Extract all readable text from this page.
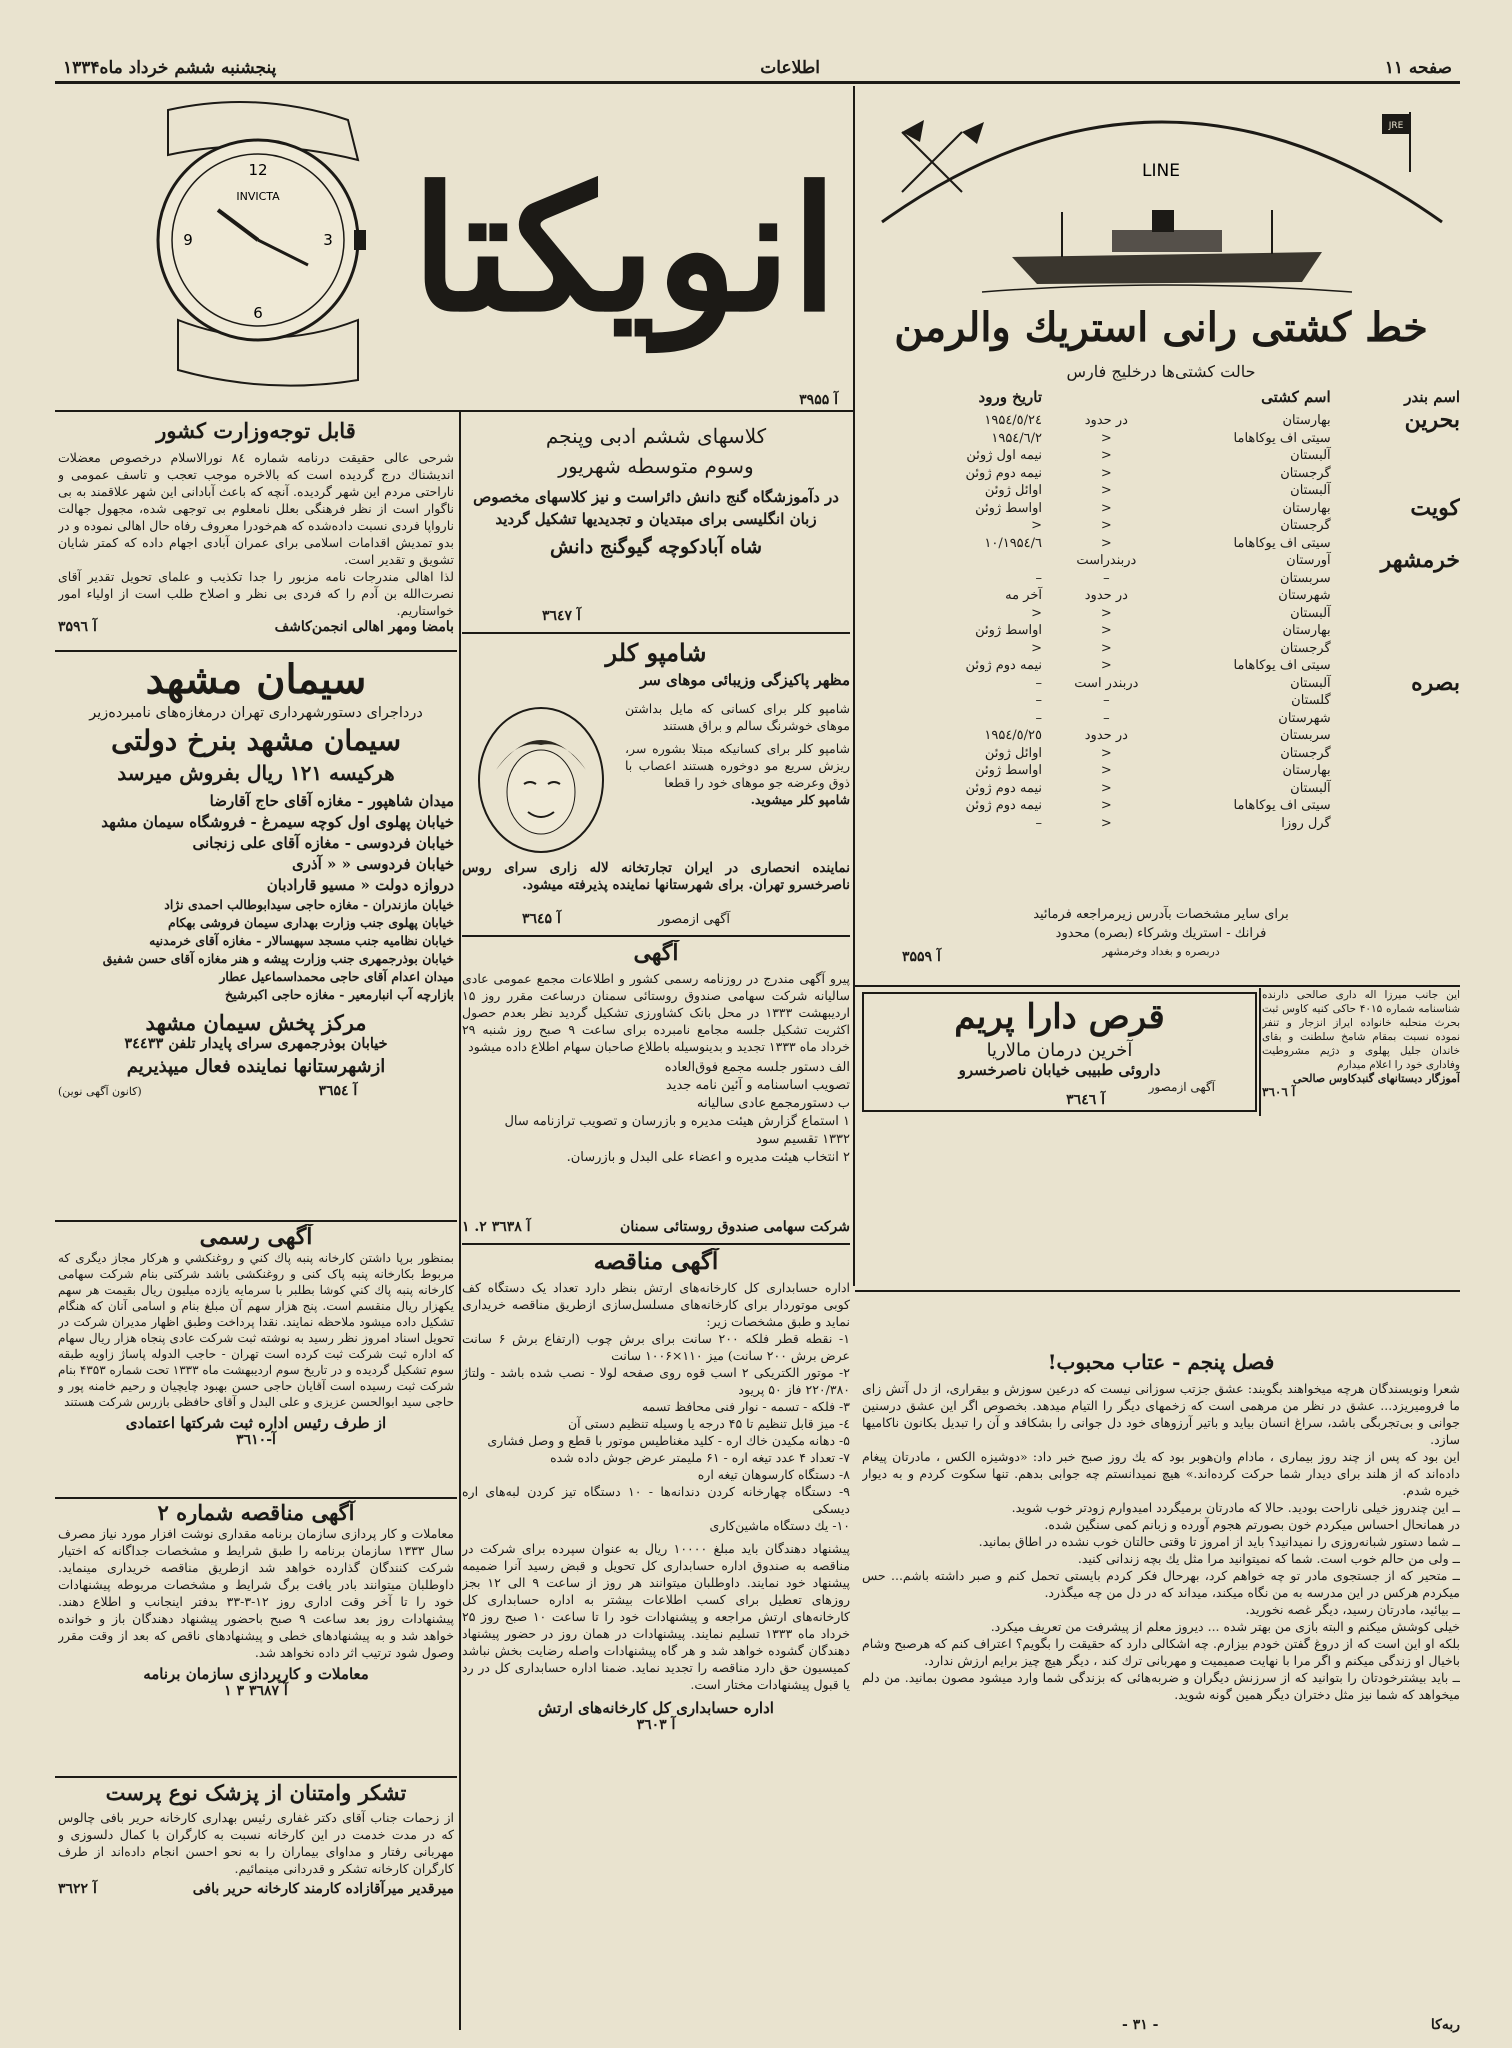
صفحه ۱۱
اطلاعات
پنجشنبه ششم خرداد ماه۱۳۳۴
LINE
JRE
خط کشتی رانی استریك والرمن
حالت کشتی‌ها درخلیج فارس
اسم بندر
اسم کشتی
تاریخ ورود
بحرین
بهارستان
در حدود
۱۹۵٤/٥/٢٤
سیتی اف یوکاهاما
<
۱۹۵٤/٦/٢
آلبستان
<
نیمه اول ژوئن
گرجستان
<
نیمه دوم ژوئن
آلبستان
<
اوائل ژوئن
کویت
بهارستان
<
اواسط ژوئن
گرجستان
<
<
سیتی اف یوکاهاما
<
۱۹۵٤/٦/۱۰
خرمشهر
آورستان
دربندراست
سربستان
–
–
شهرستان
در حدود
آخر مه
آلبستان
<
<
بهارستان
<
اواسط ژوئن
گرجستان
<
<
سیتی اف یوکاهاما
<
نیمه دوم ژوئن
بصره
آلبستان
دربندر است
–
گلستان
–
–
شهرستان
–
–
سربستان
در حدود
۱۹۵٤/٥/٢٥
گرجستان
<
اوائل ژوئن
بهارستان
<
اواسط ژوئن
آلبستان
<
نیمه دوم ژوئن
سیتی اف یوکاهاما
<
نیمه دوم ژوئن
گرل روزا
<
–
برای سایر مشخصات بآدرس زیرمراجعه فرمائید
فرانك - استریك وشرکاء (بصره) محدود
دربصره و بغداد وخرمشهر
آ ۳۵۵۹
انویکتا
12
3
6
9
INVICTA
آ ۳۹۵۵
قابل توجه‌وزارت کشور

شرحی عالی حقیقت درنامه شماره ٨٤ نورالاسلام درخصوص معضلات اندیشناك درج گردیده است که بالاخره موجب تعجب و تاسف عمومی و ناراحتی مردم این شهر گردیده. آنچه که باعث آبادانی این شهر علاقمند به بی ناگوار است از نظر فرهنگی بعلل نامعلوم بی توجهی شده، مجهول جهالت نارواپا فردی نسبت داده‌شده که هم‌خودرا معروف رفاه حال اهالی نموده و در بدو تمدیش اقدامات اسلامی برای عمران آبادی اجهام داده که کمتر شایان تشویق و تقدیر است.

لذا اهالی مندرجات نامه مزبور را جدا تکذیب و علمای تحویل تقدیر آقای نصرت‌الله بن آدم را که فردی بی نظر و اصلاح طلب است از اولیاء امور خواستاریم.

بامضا ومهر اهالی انجمن‌کاشف
آ ۳۵۹٦
کلاسهای ششم ادبی وپنجم
وسوم متوسطه شهریور
در دآموزشگاه گنج دانش دائراست و نیز کلاسهای مخصوص زبان انگلیسی برای مبتدیان و تجدیدیها تشکیل گردید
شاه آبادکوچه گیوگنج دانش
آ ۳٦٤٧
شامپو کلر
مظهر پاکیزگی وزیبائی موهای سر

شامپو کلر برای کسانی که مایل بداشتن موهای خوشرنگ سالم و براق هستند

شامپو کلر برای کسانیکه مبتلا بشوره سر، ریزش سریع مو دوخوره هستند اعصاب با ذوق وعرضه جو موهای خود را قطعا

شامپو کلر میشوید.

نماینده انحصاری در ایران تجارتخانه لاله زاری سرای روس ناصرخسرو تهران. برای شهرستانها نماینده پذیرفته میشود.

آگهی ازمصور
آ ۳٦٤۵
سیمان مشهد
درداجرای دستورشهرداری تهران درمغازه‌های نامبرده‌زیر
سیمان مشهد بنرخ دولتی
هرکیسه ۱۲۱ ریال بفروش میرسد
میدان شاهپور - مغازه آقای حاج آقارضا
خیابان پهلوی اول کوچه سیمرغ - فروشگاه سیمان مشهد
خیابان فردوسی - مغازه آقای علی زنجانی
خیابان فردوسی « « آذری
دروازه دولت « مسیو قارادبان
خیابان مازندران - مغازه حاجی سیدابوطالب احمدی نژاد
خیابان پهلوی جنب وزارت بهداری سیمان فروشی بهکام
خیابان نظامیه جنب مسجد سپهسالار - مغازه آقای خرمدنیه
خیابان بوذرجمهری جنب وزارت پیشه و هنر مغازه آقای حسن شفیق
میدان اعدام آقای حاجی محمداسماعیل عطار
بازارچه آب انبارمعیر - مغازه حاجی اکبرشیخ
مرکز پخش سیمان مشهد
خیابان بوذرجمهری سرای پایدار تلفن ۳٤٤۳۳
ازشهرستانها نماینده فعال میپذیریم
آ ۳٦۵٤
(کانون آگهی نوین)
آگهی

پیرو آگهی مندرج در روزنامه رسمی کشور و اطلاعات مجمع عمومی عادی سالیانه شرکت سهامی صندوق روستائی سمنان درساعت مقرر روز ۱۵ اردیبهشت ۱۳۳۳ در محل بانک کشاورزی تشکیل گردید نظر بعدم حصول اکثریت تشکیل جلسه مجامع نامبرده برای ساعت ۹ صبح روز شنبه ۲۹ خرداد ماه ۱۳۳۳ تجدید و بدینوسیله باطلاع صاحبان سهام اطلاع داده میشود

الف دستور جلسه مجمع فوق‌العاده
تصویب اساسنامه و آئین نامه جدید
ب دستورمجمع عادی سالیانه
۱ استماع گزارش هیئت مدیره و بازرسان و تصویب ترازنامه سال
۱۳۳۲ تقسیم سود
۲ انتخاب هیئت مدیره و اعضاء علی البدل و بازرسان.
شرکت سهامی صندوق روستائی سمنان
آ ۳٦۳۸ ۲. ۱
قرص دارا پریم
آخرین درمان مالاریا
داروئی طبیبی خیابان ناصرخسرو
آگهی ازمصور
آ ۳٦٤٦

این جانب میرزا اله داری صالحی دارنده شناسنامه شماره ۴۰۱۵ حاکی کنیه کاوس ثبت بحرث منحلبه خانواده ایراز انزجار و تنفر نموده نسبت بمقام شامخ سلطنت و بقای خاندان جلیل پهلوی و دژیم مشروطیت وفاداری خود را اعلام میدارم

آموزگار دبستانهای گنبدکاوس صالحی
آ ۳٦٠٦
آگهی رسمی

بمنظور برپا داشتن کارخانه پنبه پاك كني و روغنكشي و هركار مجاز دیگری که مربوط بکارخانه پنبه پاک کنی و روغنکشی باشد شرکتی بنام شرکت سهامی کارخانه پنبه پاك كني کوشا بطلبر با سرمایه یازده میلیون ریال بقیمت هر سهم یکهزار ریال منقسم است. پنج هزار سهم آن مبلغ بنام و اسامی آنان که هنگام تشکیل داده میشود ملاحظه نمایند. نقدا پرداخت وطبق اظهار مدیران شرکت در تحویل اسناد امروز نظر رسید به نوشته ثبت شرکت عادی پنجاه هزار ریال سهام که اداره ثبت شرکت ثبت کرده است تهران - حاجب الدوله پاساژ زاویه طبقه سوم تشکیل گردیده و در تاریخ سوم اردیبهشت ماه ۱۳۳۳ تحت شماره ۴۳۵۳ بنام شرکت ثبت رسیده است آقایان حاجی حسن بهبود چایچیان و رحیم خامنه پور و حاجی سید ابوالحسن عزیزی و علی البدل و آقای حافظی بازرس شرکت هستند

از طرف رئیس اداره ثبت شرکتها اعتمادی
آ-۳٦۱۰
آگهی مناقصه شماره ۲

معاملات و کار پردازی سازمان برنامه مقداری نوشت افزار مورد نیاز مصرف سال ۱۳۳۳ سازمان برنامه را طبق شرایط و مشخصات جداگانه که اختیار شرکت کنندگان گذارده خواهد شد ازطریق مناقصه خریداری مینماید. داوطلبان میتوانند بادر یافت برگ شرایط و مشخصات مربوطه پیشنهادات خود را تا آخر وقت اداری روز ۱۲-۳-۳۳ بدفتر اینجانب و اطلاع دهند. پیشنهادات روز بعد ساعت ۹ صبح باحضور پیشنهاد دهندگان باز و خوانده خواهد شد و به پیشنهادهای خطی و پیشنهادهای ناقص که بعد از وقت مقرر وصول شود ترتیب اثر داده نخواهد شد.

معاملات و کارپردازی سازمان برنامه
آ ۳٦٨٧ ۳ ۱
تشکر وامتنان از پزشک نوع پرست

از زحمات جناب آقای دکتر غفاری رئیس بهداری کارخانه حریر بافی چالوس که در مدت خدمت در این کارخانه نسبت به کارگران با کمال دلسوزی و مهربانی رفتار و مداوای بیماران را به نحو احسن انجام داده‌اند از طرف کارگران کارخانه تشکر و قدردانی مینمائیم.

میرقدیر میرآقازاده کارمند کارخانه حریر بافی
آ ۳٦۲۲
آگهی مناقصه

اداره حسابداری کل کارخانه‌های ارتش بنظر دارد تعداد یک دستگاه کف کوبی موتوردار برای کارخانه‌های مسلسل‌سازی ازطریق مناقصه خریداری نماید و طبق مشخصات زیر:

۱- نقطه قطر فلکه ۲۰۰ سانت برای برش چوب (ارتفاع برش ۶ سانت عرض برش ۲۰۰ سانت) میز ۱۱۰×۱۰۰۶ سانت

۲- موتور الکتریکی ۲ اسب قوه روی صفحه لولا - نصب شده باشد - ولتاژ ۲۲۰/۳۸۰ فاز ۵۰ پریود

۳- فلکه - تسمه - نوار فنی محافظ تسمه

٤- میز قابل تنظیم تا ۴۵ درجه یا وسیله تنظیم دستی آن

۵- دهانه مکیدن خاك اره - کلید مغناطیس موتور با قطع و وصل فشاری

۷- تعداد ۴ عدد تیغه اره - ۶۱ ملیمتر عرض جوش داده شده

۸- دستگاه کارسوهان تیغه اره

۹- دستگاه چهارخانه کردن دندانه‌ها - ۱۰ دستگاه تیز کردن لبه‌های اره دیسکی

۱۰- یك دستگاه ماشین‌کاری

پیشنهاد دهندگان باید مبلغ ۱۰۰۰۰ ریال به عنوان سپرده برای شرکت در مناقصه به صندوق اداره حسابداری کل تحویل و قبض رسید آنرا ضمیمه پیشنهاد خود نمایند. داوطلبان میتوانند هر روز از ساعت ۹ الی ۱۲ بجز روزهای تعطیل برای کسب اطلاعات بیشتر به اداره حسابداری کل کارخانه‌های ارتش مراجعه و پیشنهادات خود را تا ساعت ۱۰ صبح روز ۲۵ خرداد ماه ۱۳۳۳ تسلیم نمایند. پیشنهادات در همان روز در حضور پیشنهاد دهندگان گشوده خواهد شد و هر گاه پیشنهادات واصله رضایت بخش نباشد کمیسیون حق دارد مناقصه را تجدید نماید. ضمنا اداره حسابداری کل در رد یا قبول پیشنهادات مختار است.

اداره حسابداری کل کارخانه‌های ارتش
آ ۳٦٠۳
فصل پنجم - عتاب محبوب!

شعرا ونویسندگان هرچه میخواهند بگویند: عشق جزتب سوزانی نیست که درعین سوزش و بیقراری، از دل آتش زای ما فرومیریزد... عشق در نظر من مرهمی است که زخمهای دیگر را التیام میدهد. بخصوص اگر این عشق درسنین جوانی و بی‌تجربگی باشد، سراغ انسان بیاید و باتیر‌ آرزوهای خود دل جوانی را بشکافد و آن را تبدیل بکانون ناکامیها سازد.

این بود که پس از چند روز بیماری ، مادام وان‌هوبر بود که یك روز صبح خبر داد: «دوشیزه الکس ، مادرتان پیغام داده‌اند که از هلند برای دیدار شما حرکت کرده‌اند.» هیچ نمیدانستم چه جوابی بدهم. تنها سکوت کردم و به دیوار خیره شدم.

ــ این چندروز خیلی ناراحت بودید. حالا که مادرتان برمیگردد امیدوارم زودتر خوب شوید.

در همانحال احساس میکردم خون بصورتم هجوم آورده و زبانم کمی سنگین شده.

ــ شما دستور شبانه‌روزی را نمیدانید؟ باید از امروز تا وقتی حالتان خوب نشده در اطاق بمانید.

ــ ولی من حالم خوب است. شما که نمیتوانید مرا مثل یك بچه زندانی کنید.

ــ متحیر که از جستجوی مادر تو چه خواهم کرد، بهرحال فکر کردم بایستی تحمل کنم و صبر داشته باشم... حس میکردم هرکس در این مدرسه به من نگاه میکند، میداند که در دل من چه میگذرد.

ــ بیائید، مادرتان رسید، دیگر غصه نخورید.

خیلی کوشش میکنم و البته بازی من بهتر شده ... دیروز معلم از پیشرفت من تعریف میکرد.

بلکه او این است که از دروغ گفتن خودم بیزارم. چه اشکالی دارد که حقیقت را بگویم؟ اعتراف کنم که هرصبح وشام باخیال او زندگی میکنم و اگر مرا با نهایت صمیمیت و مهربانی ترك کند ، دیگر هیچ چیز برایم ارزش ندارد.

ــ باید بیشترخودتان را بتوانید که از سرزنش دیگران و ضربه‌هائی که بزندگی شما وارد میشود مصون بمانید. من دلم میخواهد که شما نیز مثل دختران دیگر همین گونه شوید.

ربه‌کا
- ۳۱ -
